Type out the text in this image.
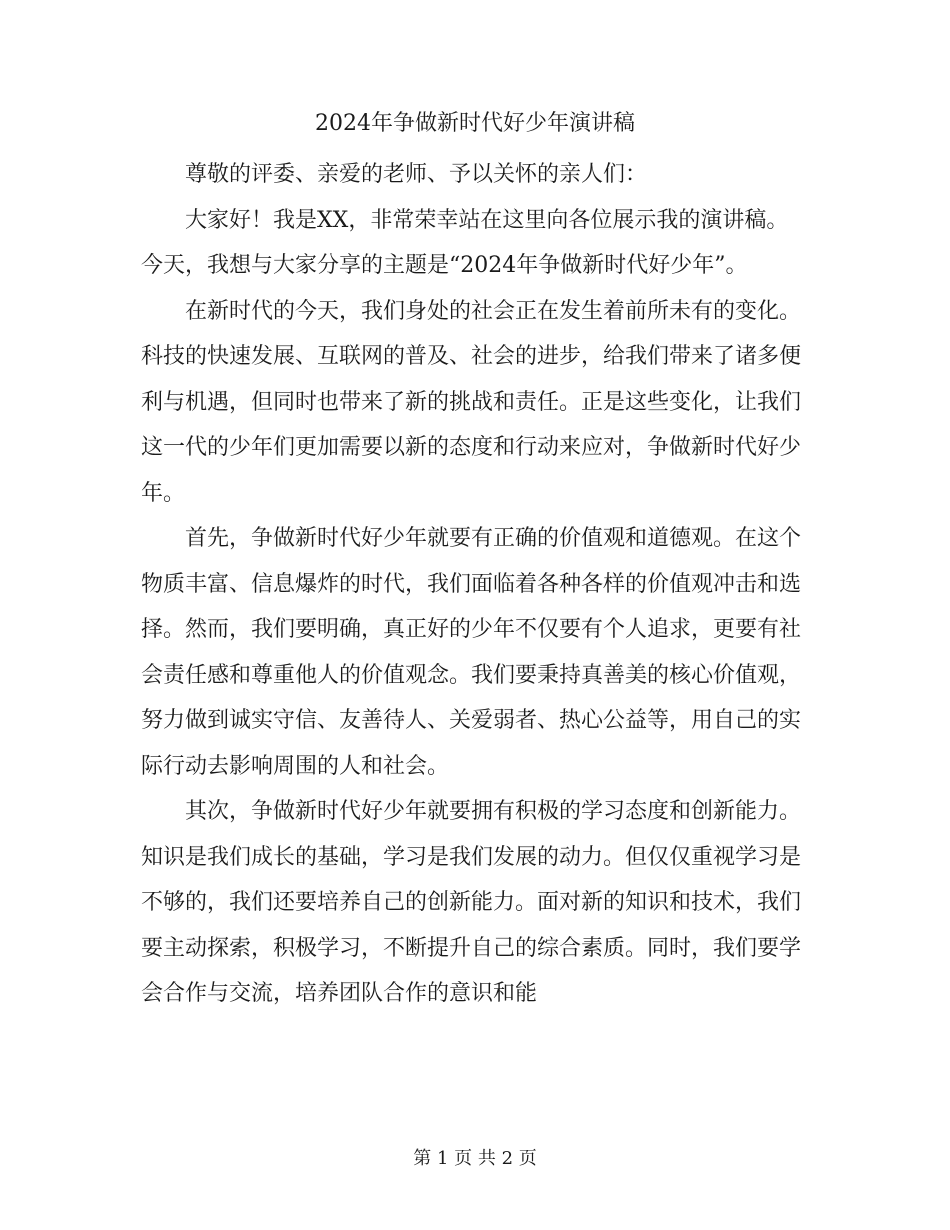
2024年争做新时代好少年演讲稿

尊敬的评委、亲爱的老师、予以关怀的亲人们：

大家好！我是XX，非常荣幸站在这里向各位展示我的演讲稿。今天，我想与大家分享的主题是“2024年争做新时代好少年”。

在新时代的今天，我们身处的社会正在发生着前所未有的变化。科技的快速发展、互联网的普及、社会的进步，给我们带来了诸多便利与机遇，但同时也带来了新的挑战和责任。正是这些变化，让我们这一代的少年们更加需要以新的态度和行动来应对，争做新时代好少年。

首先，争做新时代好少年就要有正确的价值观和道德观。在这个物质丰富、信息爆炸的时代，我们面临着各种各样的价值观冲击和选择。然而，我们要明确，真正好的少年不仅要有个人追求，更要有社会责任感和尊重他人的价值观念。我们要秉持真善美的核心价值观，努力做到诚实守信、友善待人、关爱弱者、热心公益等，用自己的实际行动去影响周围的人和社会。

其次，争做新时代好少年就要拥有积极的学习态度和创新能力。知识是我们成长的基础，学习是我们发展的动力。但仅仅重视学习是不够的，我们还要培养自己的创新能力。面对新的知识和技术，我们要主动探索，积极学习，不断提升自己的综合素质。同时，我们要学会合作与交流，培养团队合作的意识和能

第 1 页 共 2 页
